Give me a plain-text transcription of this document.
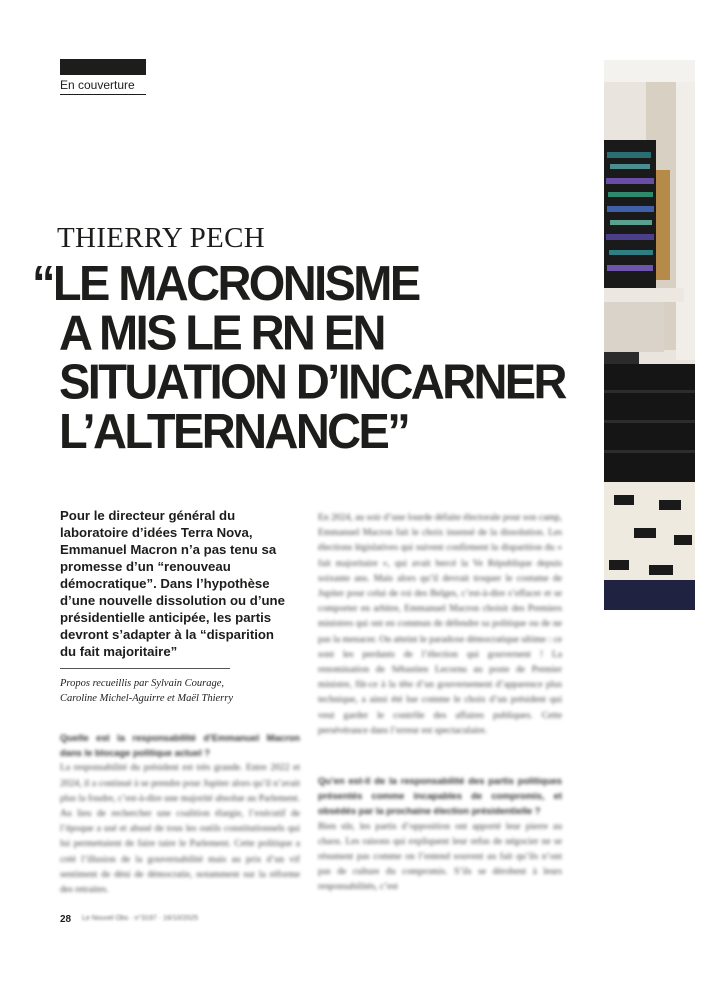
En couverture
THIERRY PECH
“LE MACRONISME
A MIS LE RN EN
SITUATION D’INCARNER
L’ALTERNANCE”
Pour le directeur général du laboratoire d’idées Terra Nova, Emmanuel Macron n’a pas tenu sa promesse d’un “renouveau démocratique”. Dans l’hypothèse d’une nouvelle dissolution ou d’une présidentielle anticipée, les partis devront s’adapter à la “disparition du fait majoritaire”
Propos recueillis par Sylvain Courage,
Caroline Michel-Aguirre et Maël Thierry
Quelle est la responsabilité d’Emmanuel Macron dans le blocage politique actuel ?
La responsabilité du président est très grande. Entre 2022 et 2024, il a continué à se prendre pour Jupiter alors qu’il n’avait plus la foudre, c’est-à-dire une majorité absolue au Parlement. Au lieu de rechercher une coalition élargie, l’exécutif de l’époque a usé et abusé de tous les outils constitutionnels qui lui permettaient de faire taire le Parlement. Cette politique a créé l’illusion de la gouvernabilité mais au prix d’un vif sentiment de déni de démocratie, notamment sur la réforme des retraites.
En 2024, au soir d’une lourde défaite électorale pour son camp, Emmanuel Macron fait le choix insensé de la dissolution. Les élections législatives qui suivent confirment la disparition du « fait majoritaire », qui avait bercé la Ve République depuis soixante ans. Mais alors qu’il devrait troquer le costume de Jupiter pour celui de roi des Belges, c’est-à-dire s’effacer et se comporter en arbitre, Emmanuel Macron choisit des Premiers ministres qui ont en commun de défendre sa politique ou de ne pas la menacer. On atteint le paradoxe démocratique ultime : ce sont les perdants de l’élection qui gouvernent ! La renomination de Sébastien Lecornu au poste de Premier ministre, fût-ce à la tête d’un gouvernement d’apparence plus technique, a ainsi été lue comme le choix d’un président qui veut garder le contrôle des affaires publiques. Cette persévérance dans l’erreur est spectaculaire.
Qu’en est-il de la responsabilité des partis politiques présentés comme incapables de compromis, et obsédés par la prochaine élection présidentielle ?
Bien sûr, les partis d’opposition ont apporté leur pierre au chaos. Les raisons qui expliquent leur refus de négocier ne se résument pas comme on l’entend souvent au fait qu’ils n’ont pas de culture du compromis. S’ils se dérobent à leurs responsabilités, c’est
28 Le Nouvel Obs · n°3197 · 16/10/2025
